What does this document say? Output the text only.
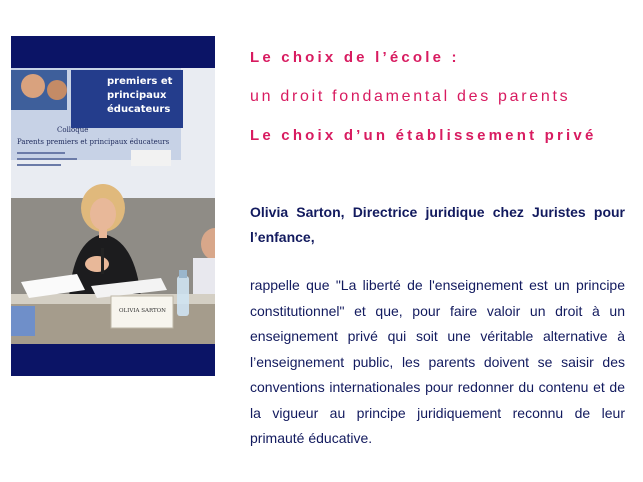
premiers et
principaux
éducateurs
Colloque
Parents premiers et principaux éducateurs
OLIVIA SARTON
Le choix de l’école :
un droit fondamental des parents
Le choix d’un établissement privé

Olivia Sarton, Directrice juridique chez Juristes pour l’enfance,

rappelle que "La liberté de l'enseignement est un principe constitutionnel" et que, pour faire valoir un droit à un enseignement privé qui soit une véritable alternative à l’enseignement public, les parents doivent se saisir des conventions internationales pour redonner du contenu et de la vigueur au principe juridiquement reconnu de leur primauté éducative.
